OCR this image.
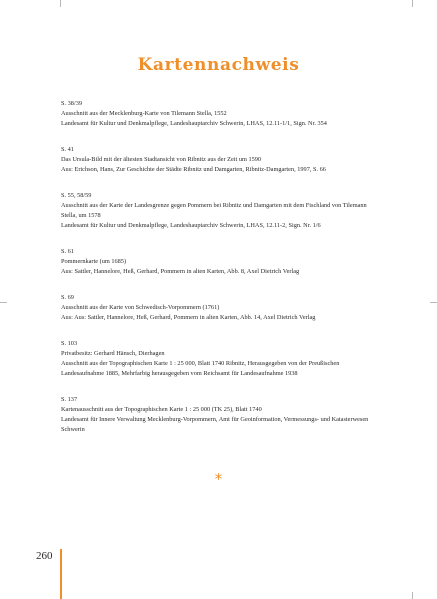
Kartennachweis
S. 38/39
Ausschnitt aus der Mecklenburg-Karte von Tilemann Stella, 1552
Landesamt für Kultur und Denkmalpflege, Landeshauptarchiv Schwerin, LHAS, 12.11-1/1, Sign. Nr. 354
S. 41
Das Ursula-Bild mit der ältesten Stadtansicht von Ribnitz aus der Zeit um 1590
Aus: Erichson, Hans, Zur Geschichte der Städte Ribnitz und Damgarten, Ribnitz-Damgarten, 1997, S. 66
S. 55, 58/59
Ausschnitt aus der Karte der Landesgrenze gegen Pommern bei Ribnitz und Damgarten mit dem Fischland von Tilemann Stella, um 1578
Landesamt für Kultur und Denkmalpflege, Landeshauptarchiv Schwerin, LHAS, 12.11-2, Sign. Nr. 1/6
S. 61
Pommernkarte (um 1685)
Aus: Sattler, Hannelore, Heß, Gerhard, Pommern in alten Karten, Abb. 8, Axel Dietrich Verlag
S. 69
Ausschnitt aus der Karte von Schwedisch-Vorpommern (1761)
Aus: Aus: Sattler, Hannelore, Heß, Gerhard, Pommern in alten Karten, Abb. 14, Axel Dietrich Verlag
S. 103
Privatbesitz: Gerhard Hänsch, Dierhagen
Ausschnitt aus der Topographischen Karte 1 : 25 000, Blatt 1740 Ribnitz, Herausgegeben von der Preußischen Landesaufnahme 1885, Mehrfarbig herausgegeben vom Reichsamt für Landesaufnahme 1938
S. 137
Kartenausschnitt aus der Topographischen Karte 1 : 25 000 (TK 25), Blatt 1740
Landesamt für Innere Verwaltung Mecklenburg-Vorpommern, Amt für Geoinformation, Vermessungs- und Katasterwesen Schwerin
*
260
